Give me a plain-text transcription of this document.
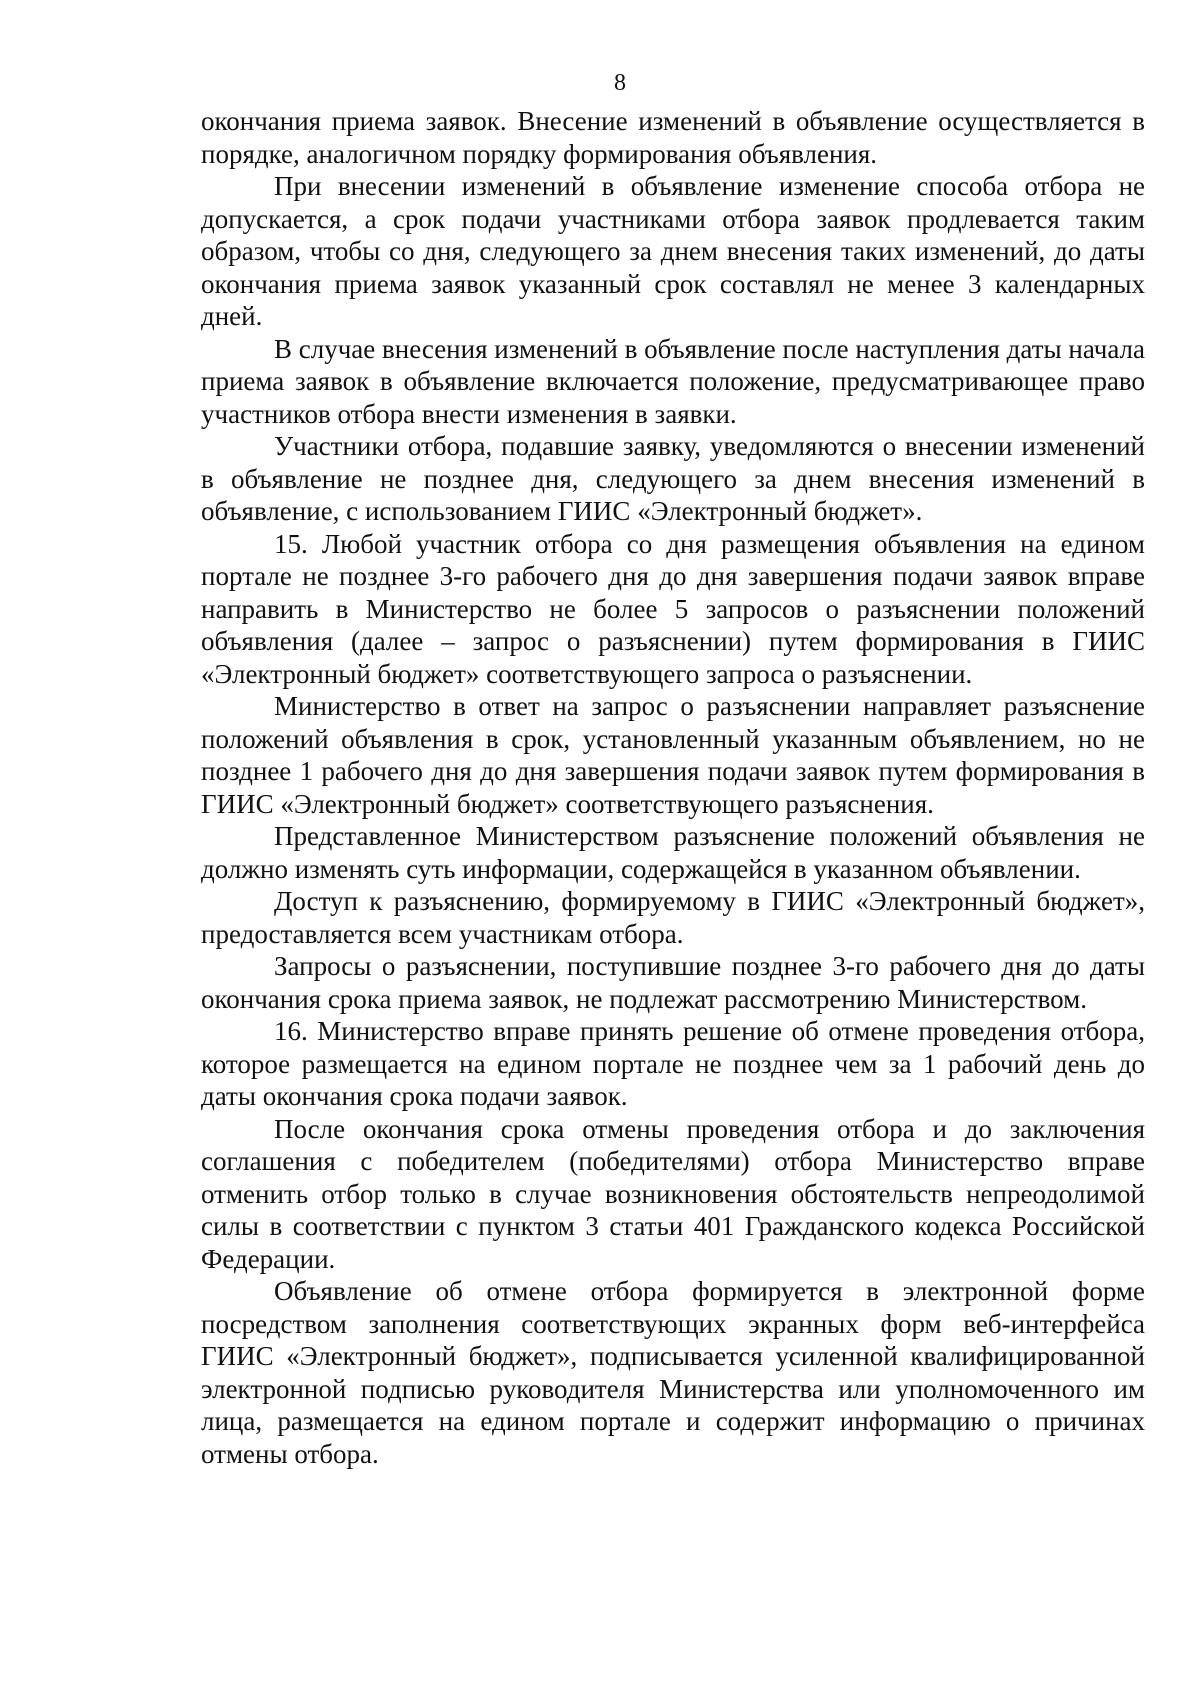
8

окончания приема заявок. Внесение изменений в объявление осуществляется в порядке, аналогичном порядку формирования объявления.

При внесении изменений в объявление изменение способа отбора не допускается, а срок подачи участниками отбора заявок продлевается таким образом, чтобы со дня, следующего за днем внесения таких изменений, до даты окончания приема заявок указанный срок составлял не менее 3 календарных дней.

В случае внесения изменений в объявление после наступления даты начала приема заявок в объявление включается положение, предусматривающее право участников отбора внести изменения в заявки.

Участники отбора, подавшие заявку, уведомляются о внесении изменений в объявление не позднее дня, следующего за днем внесения изменений в объявление, с использованием ГИИС «Электронный бюджет».

15. Любой участник отбора со дня размещения объявления на едином портале не позднее 3-го рабочего дня до дня завершения подачи заявок вправе направить в Министерство не более 5 запросов о разъяснении положений объявления (далее – запрос о разъяснении) путем формирования в ГИИС «Электронный бюджет» соответствующего запроса о разъяснении.

Министерство в ответ на запрос о разъяснении направляет разъяснение положений объявления в срок, установленный указанным объявлением, но не позднее 1 рабочего дня до дня завершения подачи заявок путем формирования в ГИИС «Электронный бюджет» соответствующего разъяснения.

Представленное Министерством разъяснение положений объявления не должно изменять суть информации, содержащейся в указанном объявлении.

Доступ к разъяснению, формируемому в ГИИС «Электронный бюджет», предоставляется всем участникам отбора.

Запросы о разъяснении, поступившие позднее 3-го рабочего дня до даты окончания срока приема заявок, не подлежат рассмотрению Министерством.

16. Министерство вправе принять решение об отмене проведения отбора, которое размещается на едином портале не позднее чем за 1 рабочий день до даты окончания срока подачи заявок.

После окончания срока отмены проведения отбора и до заключения соглашения с победителем (победителями) отбора Министерство вправе отменить отбор только в случае возникновения обстоятельств непреодолимой силы в соответствии с пунктом 3 статьи 401 Гражданского кодекса Российской Федерации.

Объявление об отмене отбора формируется в электронной форме посредством заполнения соответствующих экранных форм веб-интерфейса ГИИС «Электронный бюджет», подписывается усиленной квалифицированной электронной подписью руководителя Министерства или уполномоченного им лица, размещается на едином портале и содержит информацию о причинах отмены отбора.
